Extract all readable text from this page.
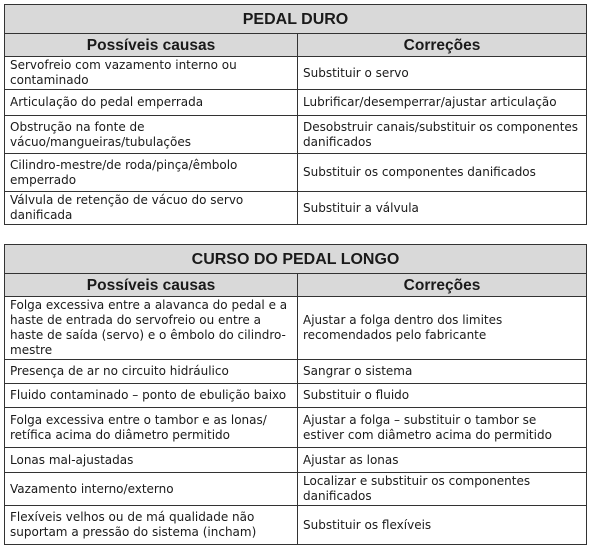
PEDAL DURO	
Possíveis causas	Correções
Servofreio com vazamento interno ou contaminado	Substituir o servo
Articulação do pedal emperrada	Lubrificar/desemperrar/ajustar articulação
Obstrução na fonte de vácuo/mangueiras/tubulações	Desobstruir canais/substituir os componentes danificados
Cilindro-mestre/de roda/pinça/êmbolo emperrado	Substituir os componentes danificados
Válvula de retenção de vácuo do servo danificada	Substituir a válvula
CURSO DO PEDAL LONGO	
Possíveis causas	Correções
Folga excessiva entre a alavanca do pedal e a haste de entrada do servofreio ou entre a haste de saída (servo) e o êmbolo do cilindro-mestre	Ajustar a folga dentro dos limites recomendados pelo fabricante
Presença de ar no circuito hidráulico	Sangrar o sistema
Fluido contaminado – ponto de ebulição baixo	Substituir o fluido
Folga excessiva entre o tambor e as lonas/ retífica acima do diâmetro permitido	Ajustar a folga – substituir o tambor se estiver com diâmetro acima do permitido
Lonas mal-ajustadas	Ajustar as lonas
Vazamento interno/externo	Localizar e substituir os componentes danificados
Flexíveis velhos ou de má qualidade não suportam a pressão do sistema (incham)	Substituir os flexíveis
